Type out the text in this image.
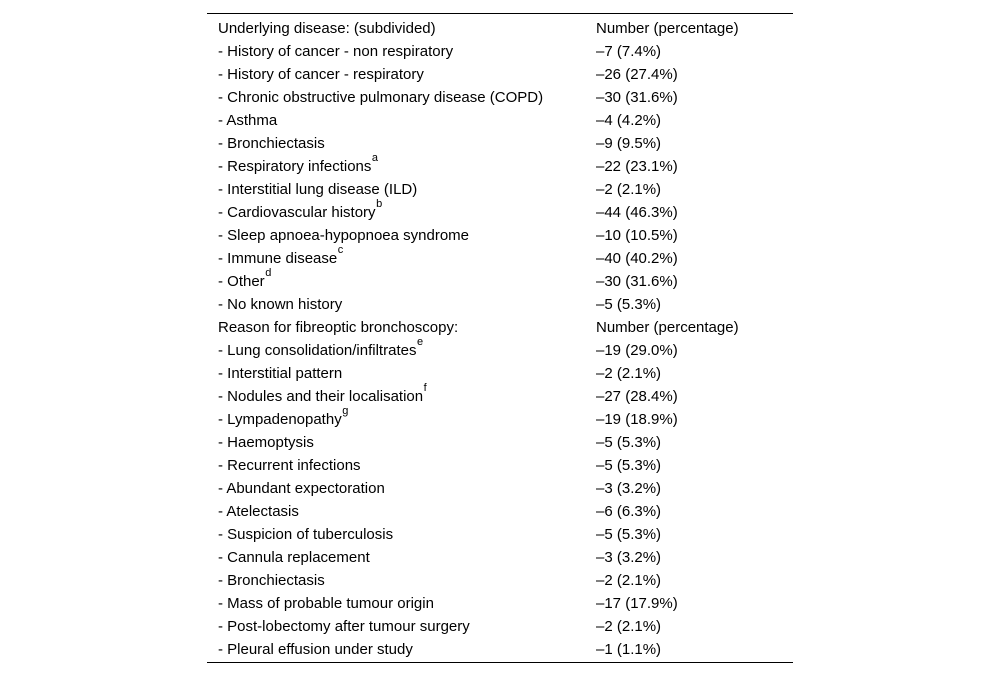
Underlying disease: (subdivided)	Number (percentage)
- History of cancer - non respiratory	–7 (7.4%)
- History of cancer - respiratory	–26 (27.4%)
- Chronic obstructive pulmonary disease (COPD)	–30 (31.6%)
- Asthma	–4 (4.2%)
- Bronchiectasis	–9 (9.5%)
- Respiratory infections$^a$	–22 (23.1%)
- Interstitial lung disease (ILD)	–2 (2.1%)
- Cardiovascular history$^b$	–44 (46.3%)
- Sleep apnoea-hypopnoea syndrome	–10 (10.5%)
- Immune disease$^c$	–40 (40.2%)
- Other$^d$	–30 (31.6%)
- No known history	–5 (5.3%)
Reason for fibreoptic bronchoscopy:	Number (percentage)
- Lung consolidation/infiltrates$^e$	–19 (29.0%)
- Interstitial pattern	–2 (2.1%)
- Nodules and their localisation$^f$	–27 (28.4%)
- Lympadenopathy$^g$	–19 (18.9%)
- Haemoptysis	–5 (5.3%)
- Recurrent infections	–5 (5.3%)
- Abundant expectoration	–3 (3.2%)
- Atelectasis	–6 (6.3%)
- Suspicion of tuberculosis	–5 (5.3%)
- Cannula replacement	–3 (3.2%)
- Bronchiectasis	–2 (2.1%)
- Mass of probable tumour origin	–17 (17.9%)
- Post-lobectomy after tumour surgery	–2 (2.1%)
- Pleural effusion under study	–1 (1.1%)
